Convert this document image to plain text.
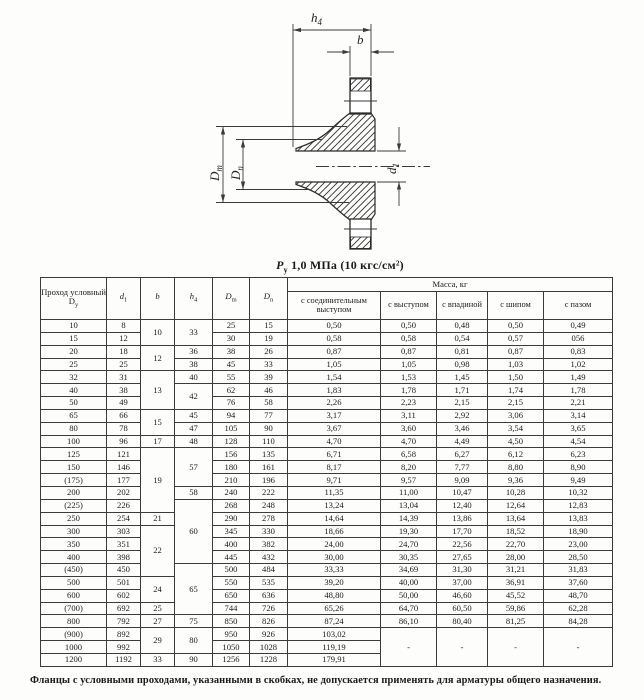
$h_4$
b
$D_m$
$D_n$	$d_1$
$P_у$ 1,0 МПа (10 кгс/см²)
Проход условный $D_у$	$d_1$	b	$h_4$	$D_m$	$D_n$	Масса, кг				
						с соединительным выступом	с выступом	с впадиной	с шипом	с пазом
10	8	10	33	25	15	0,50	0,50	0,48	0,50	0,49
15	12			30	19	0,58	0,58	0,54	0,57	056
20	18	12	36	38	26	0,87	0,87	0,81	0,87	0,83
25	25		38	45	33	1,05	1,05	0,98	1,03	1,02
32	31	13	40	55	39	1,54	1,53	1,45	1,50	1,49
40	38		42	62	46	1,83	1,78	1,71	1,74	1,78
50	49			76	58	2,26	2,23	2,15	2,15	2,21
65	66	15	45	94	77	3,17	3,11	2,92	3,06	3,14
80	78		47	105	90	3,67	3,60	3,46	3,54	3,65
100	96	17	48	128	110	4,70	4,70	4,49	4,50	4,54
125	121	19	57	156	135	6,71	6,58	6,27	6,12	6,23
150	146			180	161	8,17	8,20	7,77	8,80	8,90
(175)	177			210	196	9,71	9,57	9,09	9,36	9,49
200	202		58	240	222	11,35	11,00	10,47	10,28	10,32
(225)	226		60	268	248	13,24	13,04	12,40	12,64	12,83
250	254	21		290	278	14,64	14,39	13,86	13,64	13,83
300	303	22		345	330	18,66	19,30	17,70	18,52	18,90
350	351			400	382	24,00	24,70	22,56	22,70	23,00
400	398			445	432	30,00	30,35	27,65	28,00	28,50
(450)	450		65	500	484	33,33	34,69	31,30	31,21	31,83
500	501	24		550	535	39,20	40,00	37,00	36,91	37,60
600	602			650	636	48,80	50,00	46,60	45,52	48,70
(700)	692	25		744	726	65,26	64,70	60,50	59,86	62,28
800	792	27	75	850	826	87,24	86,10	80,40	81,25	84,28
(900)	892	29	80	950	926	103,02	-	-	-	-
1000	992			1050	1028	119,19				
1200	1192	33	90	1256	1228	179,91				
Фланцы с условными проходами, указанными в скобках, не допускается применять для арматуры общего назначения.
